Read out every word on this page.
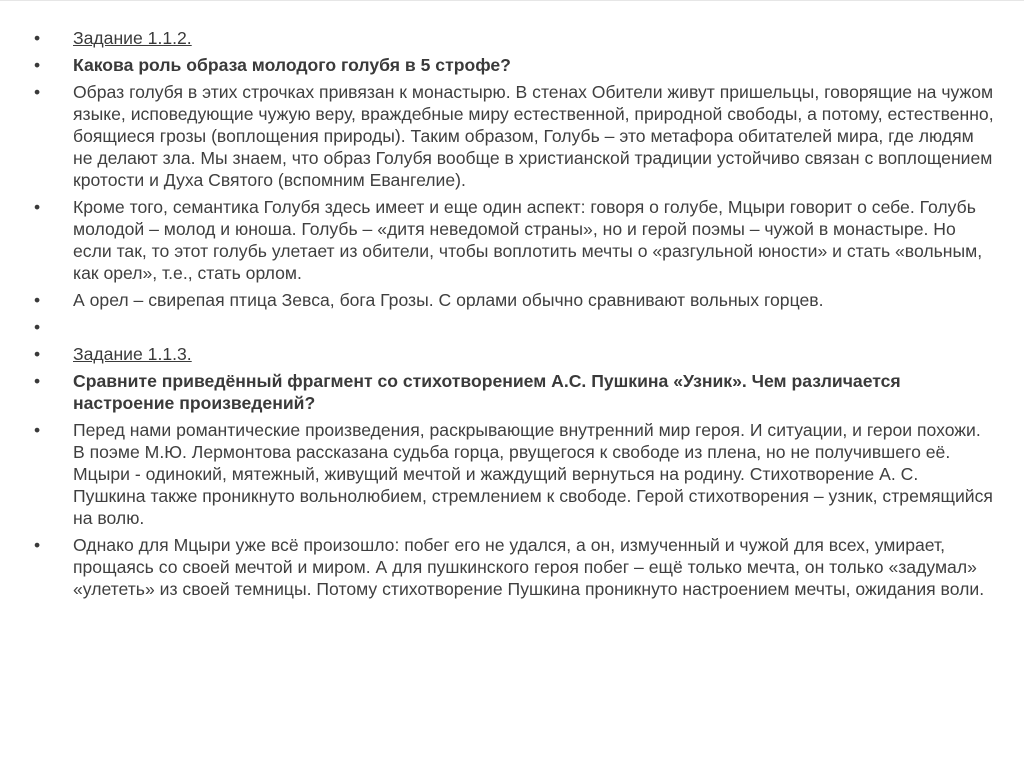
•	Задание 1.1.2.
•	Какова роль образа молодого голубя в 5 строфе?
•	Образ голубя в этих строчках привязан к монастырю. В стенах Обители живут пришельцы, говорящие на чужом языке, исповедующие чужую веру, враждебные миру естественной, природной свободы, а потому, естественно, боящиеся грозы (воплощения природы). Таким образом, Голубь – это метафора обитателей мира, где людям не делают зла. Мы знаем, что образ Голубя вообще в христианской традиции устойчиво связан с воплощением кротости и Духа Святого (вспомним Евангелие).
•	Кроме того, семантика Голубя здесь имеет и еще один аспект: говоря о голубе, Мцыри говорит о себе. Голубь молодой – молод и юноша. Голубь – «дитя неведомой страны», но и герой поэмы – чужой в монастыре. Но если так, то этот голубь улетает из обители, чтобы воплотить мечты о «разгульной юности» и стать «вольным, как орел», т.е., стать орлом.
•	А орел – свирепая птица Зевса, бога Грозы. С орлами обычно сравнивают вольных горцев.
•

•	Задание 1.1.3.
•	Сравните приведённый фрагмент со стихотворением А.С. Пушкина «Узник». Чем различается настроение произведений?
•	Перед нами романтические произведения, раскрывающие внутренний мир героя. И ситуации, и герои похожи. В поэме М.Ю. Лермонтова рассказана судьба горца, рвущегося к свободе из плена, но не получившего её. Мцыри - одинокий, мятежный, живущий мечтой и жаждущий вернуться на родину. Стихотворение А. С. Пушкина также проникнуто вольнолюбием, стремлением к свободе. Герой стихотворения – узник, стремящийся на волю.
•	Однако для Мцыри уже всё произошло: побег его не удался, а он, измученный и чужой для всех, умирает, прощаясь со своей мечтой и миром. А для пушкинского героя побег – ещё только мечта, он только «задумал» «улететь» из своей темницы. Потому стихотворение Пушкина проникнуто настроением мечты, ожидания воли.
